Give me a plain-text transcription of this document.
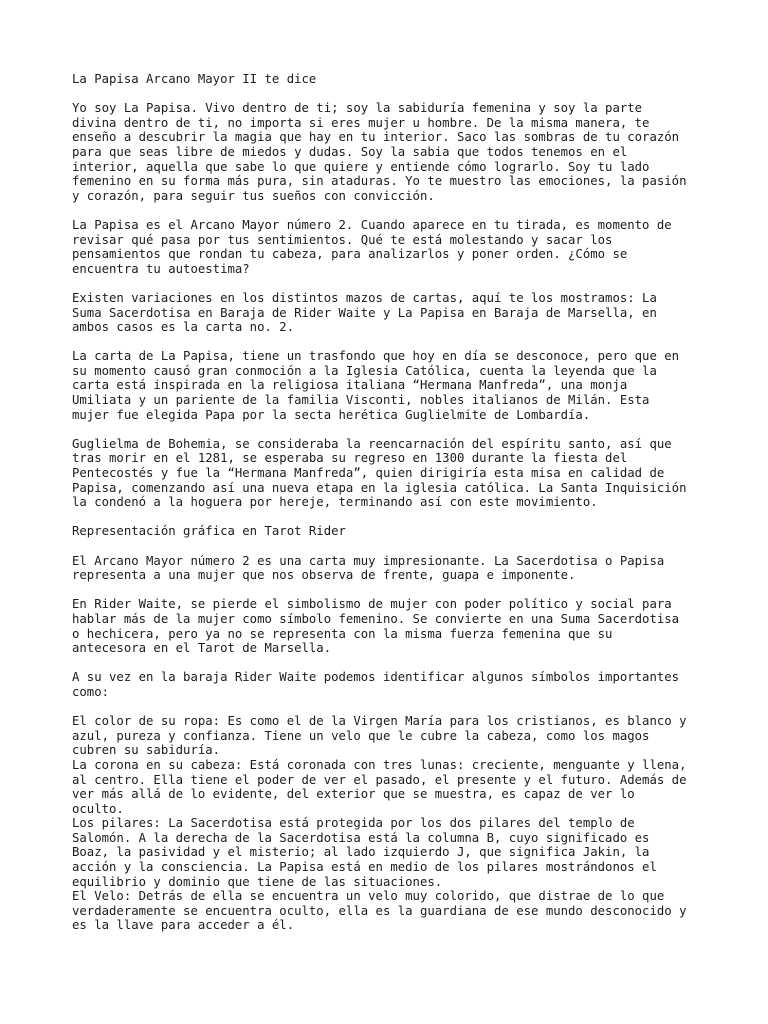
La Papisa Arcano Mayor II te dice

Yo soy La Papisa. Vivo dentro de ti; soy la sabiduría femenina y soy la parte
divina dentro de ti, no importa si eres mujer u hombre. De la misma manera, te
enseño a descubrir la magia que hay en tu interior. Saco las sombras de tu corazón
para que seas libre de miedos y dudas. Soy la sabia que todos tenemos en el
interior, aquella que sabe lo que quiere y entiende cómo lograrlo. Soy tu lado
femenino en su forma más pura, sin ataduras. Yo te muestro las emociones, la pasión
y corazón, para seguir tus sueños con convicción.

La Papisa es el Arcano Mayor número 2. Cuando aparece en tu tirada, es momento de
revisar qué pasa por tus sentimientos. Qué te está molestando y sacar los
pensamientos que rondan tu cabeza, para analizarlos y poner orden. ¿Cómo se
encuentra tu autoestima?

Existen variaciones en los distintos mazos de cartas, aquí te los mostramos: La
Suma Sacerdotisa en Baraja de Rider Waite y La Papisa en Baraja de Marsella, en
ambos casos es la carta no. 2.

La carta de La Papisa, tiene un trasfondo que hoy en día se desconoce, pero que en
su momento causó gran conmoción a la Iglesia Católica, cuenta la leyenda que la
carta está inspirada en la religiosa italiana “Hermana Manfreda”, una monja
Umiliata y un pariente de la familia Visconti, nobles italianos de Milán. Esta
mujer fue elegida Papa por la secta herética Guglielmite de Lombardía.

Guglielma de Bohemia, se consideraba la reencarnación del espíritu santo, así que
tras morir en el 1281, se esperaba su regreso en 1300 durante la fiesta del
Pentecostés y fue la “Hermana Manfreda”, quien dirigiría esta misa en calidad de
Papisa, comenzando así una nueva etapa en la iglesia católica. La Santa Inquisición
la condenó a la hoguera por hereje, terminando así con este movimiento.

Representación gráfica en Tarot Rider

El Arcano Mayor número 2 es una carta muy impresionante. La Sacerdotisa o Papisa
representa a una mujer que nos observa de frente, guapa e imponente.

En Rider Waite, se pierde el simbolismo de mujer con poder político y social para
hablar más de la mujer como símbolo femenino. Se convierte en una Suma Sacerdotisa
o hechicera, pero ya no se representa con la misma fuerza femenina que su
antecesora en el Tarot de Marsella.

A su vez en la baraja Rider Waite podemos identificar algunos símbolos importantes
como:

El color de su ropa: Es como el de la Virgen María para los cristianos, es blanco y
azul, pureza y confianza. Tiene un velo que le cubre la cabeza, como los magos
cubren su sabiduría.

La corona en su cabeza: Está coronada con tres lunas: creciente, menguante y llena,
al centro. Ella tiene el poder de ver el pasado, el presente y el futuro. Además de
ver más allá de lo evidente, del exterior que se muestra, es capaz de ver lo
oculto.

Los pilares: La Sacerdotisa está protegida por los dos pilares del templo de
Salomón. A la derecha de la Sacerdotisa está la columna B, cuyo significado es
Boaz, la pasividad y el misterio; al lado izquierdo J, que significa Jakin, la
acción y la consciencia. La Papisa está en medio de los pilares mostrándonos el
equilibrio y dominio que tiene de las situaciones.

El Velo: Detrás de ella se encuentra un velo muy colorido, que distrae de lo que
verdaderamente se encuentra oculto, ella es la guardiana de ese mundo desconocido y
es la llave para acceder a él.
